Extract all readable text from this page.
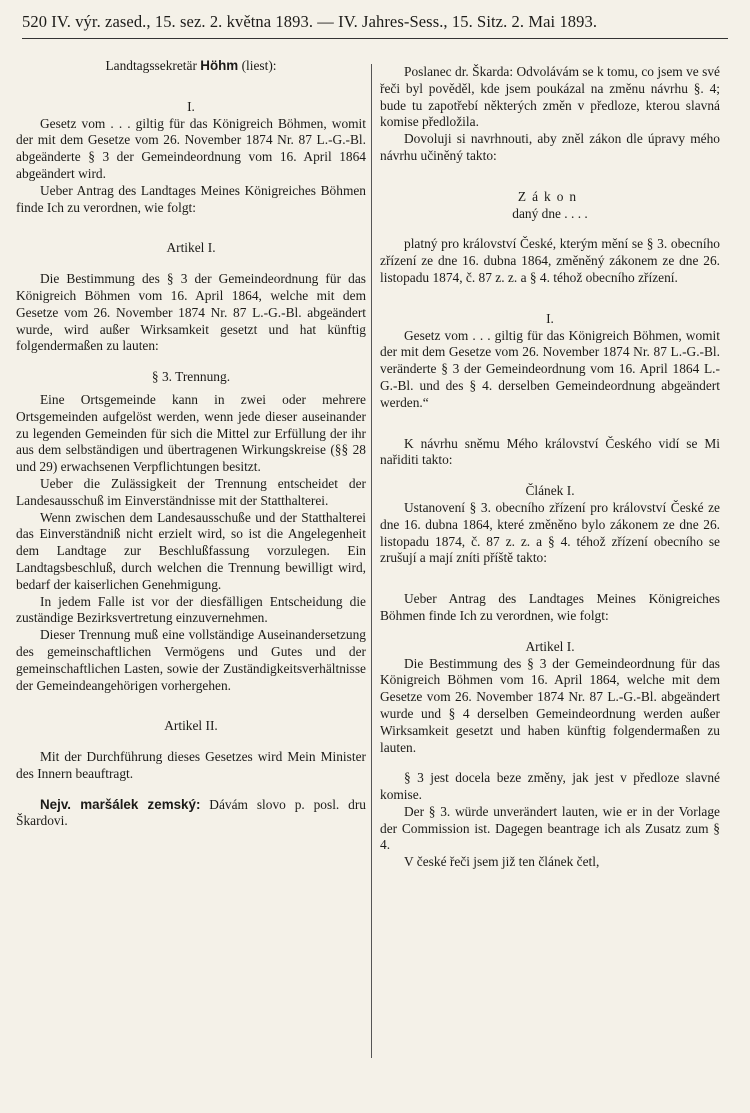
520 IV. výr. zased., 15. sez. 2. května 1893. — IV. Jahres-Sess., 15. Sitz. 2. Mai 1893.

Landtagssekretär Höhm (liest):

I.

Gesetz vom . . . giltig für das Königreich Böhmen, womit der mit dem Gesetze vom 26. November 1874 Nr. 87 L.-G.-Bl. abgeänderte § 3 der Gemeindeordnung vom 16. April 1864 abgeändert wird.

Ueber Antrag des Landtages Meines Königreiches Böhmen finde Ich zu verordnen, wie folgt:

Artikel I.

Die Bestimmung des § 3 der Gemeindeordnung für das Königreich Böhmen vom 16. April 1864, welche mit dem Gesetze vom 26. November 1874 Nr. 87 L.-G.-Bl. abgeändert wurde, wird außer Wirksamkeit gesetzt und hat künftig folgendermaßen zu lauten:

§ 3. Trennung.

Eine Ortsgemeinde kann in zwei oder mehrere Ortsgemeinden aufgelöst werden, wenn jede dieser auseinander zu legenden Gemeinden für sich die Mittel zur Erfüllung der ihr aus dem selbständigen und übertragenen Wirkungskreise (§§ 28 und 29) erwachsenen Verpflichtungen besitzt.

Ueber die Zulässigkeit der Trennung entscheidet der Landesausschuß im Einverständnisse mit der Statthalterei.

Wenn zwischen dem Landesausschuße und der Statthalterei das Einverständniß nicht erzielt wird, so ist die Angelegenheit dem Landtage zur Beschlußfassung vorzulegen. Ein Landtagsbeschluß, durch welchen die Trennung bewilligt wird, bedarf der kaiserlichen Genehmigung.

In jedem Falle ist vor der diesfälligen Entscheidung die zuständige Bezirksvertretung einzuvernehmen.

Dieser Trennung muß eine vollständige Auseinandersetzung des gemeinschaftlichen Vermögens und Gutes und der gemeinschaftlichen Lasten, sowie der Zuständigkeitsverhältnisse der Gemeindeangehörigen vorhergehen.

Artikel II.

Mit der Durchführung dieses Gesetzes wird Mein Minister des Innern beauftragt.

Nejv. maršálek zemský: Dávám slovo p. posl. dru Škardovi.

Poslanec dr. Škarda: Odvolávám se k tomu, co jsem ve své řeči byl pověděl, kde jsem poukázal na změnu návrhu §. 4; bude tu zapotřebí některých změn v předloze, kterou slavná komise předložila.

Dovoluji si navrhnouti, aby zněl zákon dle úpravy mého návrhu učiněný takto:

Zákon

daný dne . . . .

platný pro království České, kterým mění se § 3. obecního zřízení ze dne 16. dubna 1864, změněný zákonem ze dne 26. listopadu 1874, č. 87 z. z. a § 4. téhož obecního zřízení.

I.

Gesetz vom . . . giltig für das Königreich Böhmen, womit der mit dem Gesetze vom 26. November 1874 Nr. 87 L.-G.-Bl. veränderte § 3 der Gemeindeordnung vom 16. April 1864 L.-G.-Bl. und des § 4. derselben Gemeindeordnung abgeändert werden.“

K návrhu sněmu Mého království Českého vidí se Mi nařiditi takto:

Článek I.

Ustanovení § 3. obecního zřízení pro království České ze dne 16. dubna 1864, které změněno bylo zákonem ze dne 26. listopadu 1874, č. 87 z. z. a § 4. téhož zřízení obecního se zrušují a mají zníti příště takto:

Ueber Antrag des Landtages Meines Königreiches Böhmen finde Ich zu verordnen, wie folgt:

Artikel I.

Die Bestimmung des § 3 der Gemeindeordnung für das Königreich Böhmen vom 16. April 1864, welche mit dem Gesetze vom 26. November 1874 Nr. 87 L.-G.-Bl. abgeändert wurde und § 4 derselben Gemeindeordnung werden außer Wirksamkeit gesetzt und haben künftig folgendermaßen zu lauten.

§ 3 jest docela beze změny, jak jest v předloze slavné komise.

Der § 3. würde unverändert lauten, wie er in der Vorlage der Commission ist. Dagegen beantrage ich als Zusatz zum § 4.

V české řeči jsem již ten článek četl,
